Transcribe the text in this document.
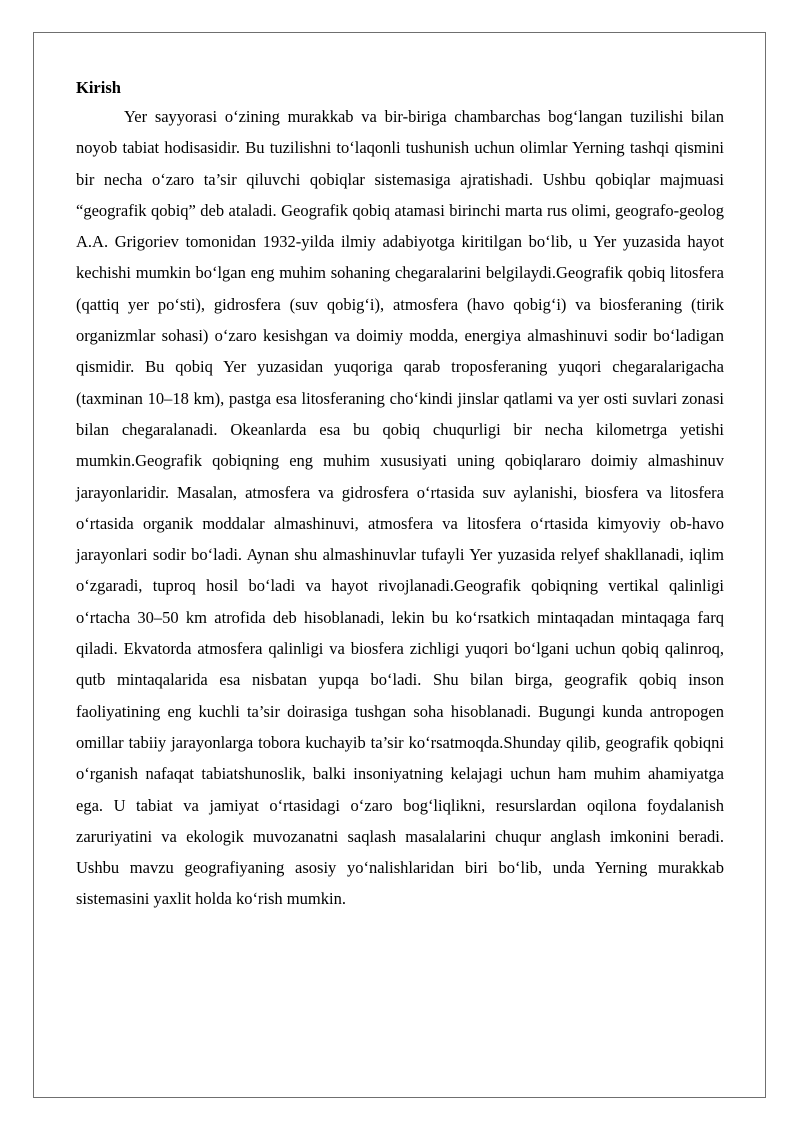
Kirish

Yer sayyorasi o‘zining murakkab va bir-biriga chambarchas bog‘langan tuzilishi bilan noyob tabiat hodisasidir. Bu tuzilishni to‘laqonli tushunish uchun olimlar Yerning tashqi qismini bir necha o‘zaro ta’sir qiluvchi qobiqlar sistemasiga ajratishadi. Ushbu qobiqlar majmuasi “geografik qobiq” deb ataladi. Geografik qobiq atamasi birinchi marta rus olimi, geografo-geolog A.A. Grigoriev tomonidan 1932-yilda ilmiy adabiyotga kiritilgan bo‘lib, u Yer yuzasida hayot kechishi mumkin bo‘lgan eng muhim sohaning chegaralarini belgilaydi.Geografik qobiq litosfera (qattiq yer po‘sti), gidrosfera (suv qobig‘i), atmosfera (havo qobig‘i) va biosferaning (tirik organizmlar sohasi) o‘zaro kesishgan va doimiy modda, energiya almashinuvi sodir bo‘ladigan qismidir. Bu qobiq Yer yuzasidan yuqoriga qarab troposferaning yuqori chegaralarigacha (taxminan 10–18 km), pastga esa litosferaning cho‘kindi jinslar qatlami va yer osti suvlari zonasi bilan chegaralanadi. Okeanlarda esa bu qobiq chuqurligi bir necha kilometrga yetishi mumkin.Geografik qobiqning eng muhim xususiyati uning qobiqlararo doimiy almashinuv jarayonlaridir. Masalan, atmosfera va gidrosfera o‘rtasida suv aylanishi, biosfera va litosfera o‘rtasida organik moddalar almashinuvi, atmosfera va litosfera o‘rtasida kimyoviy ob-havo jarayonlari sodir bo‘ladi. Aynan shu almashinuvlar tufayli Yer yuzasida relyef shakllanadi, iqlim o‘zgaradi, tuproq hosil bo‘ladi va hayot rivojlanadi.Geografik qobiqning vertikal qalinligi o‘rtacha 30–50 km atrofida deb hisoblanadi, lekin bu ko‘rsatkich mintaqadan mintaqaga farq qiladi. Ekvatorda atmosfera qalinligi va biosfera zichligi yuqori bo‘lgani uchun qobiq qalinroq, qutb mintaqalarida esa nisbatan yupqa bo‘ladi. Shu bilan birga, geografik qobiq inson faoliyatining eng kuchli ta’sir doirasiga tushgan soha hisoblanadi. Bugungi kunda antropogen omillar tabiiy jarayonlarga tobora kuchayib ta’sir ko‘rsatmoqda.Shunday qilib, geografik qobiqni o‘rganish nafaqat tabiatshunoslik, balki insoniyatning kelajagi uchun ham muhim ahamiyatga ega. U tabiat va jamiyat o‘rtasidagi o‘zaro bog‘liqlikni, resurslardan oqilona foydalanish zaruriyatini va ekologik muvozanatni saqlash masalalarini chuqur anglash imkonini beradi. Ushbu mavzu geografiyaning asosiy yo‘nalishlaridan biri bo‘lib, unda Yerning murakkab sistemasini yaxlit holda ko‘rish mumkin.
